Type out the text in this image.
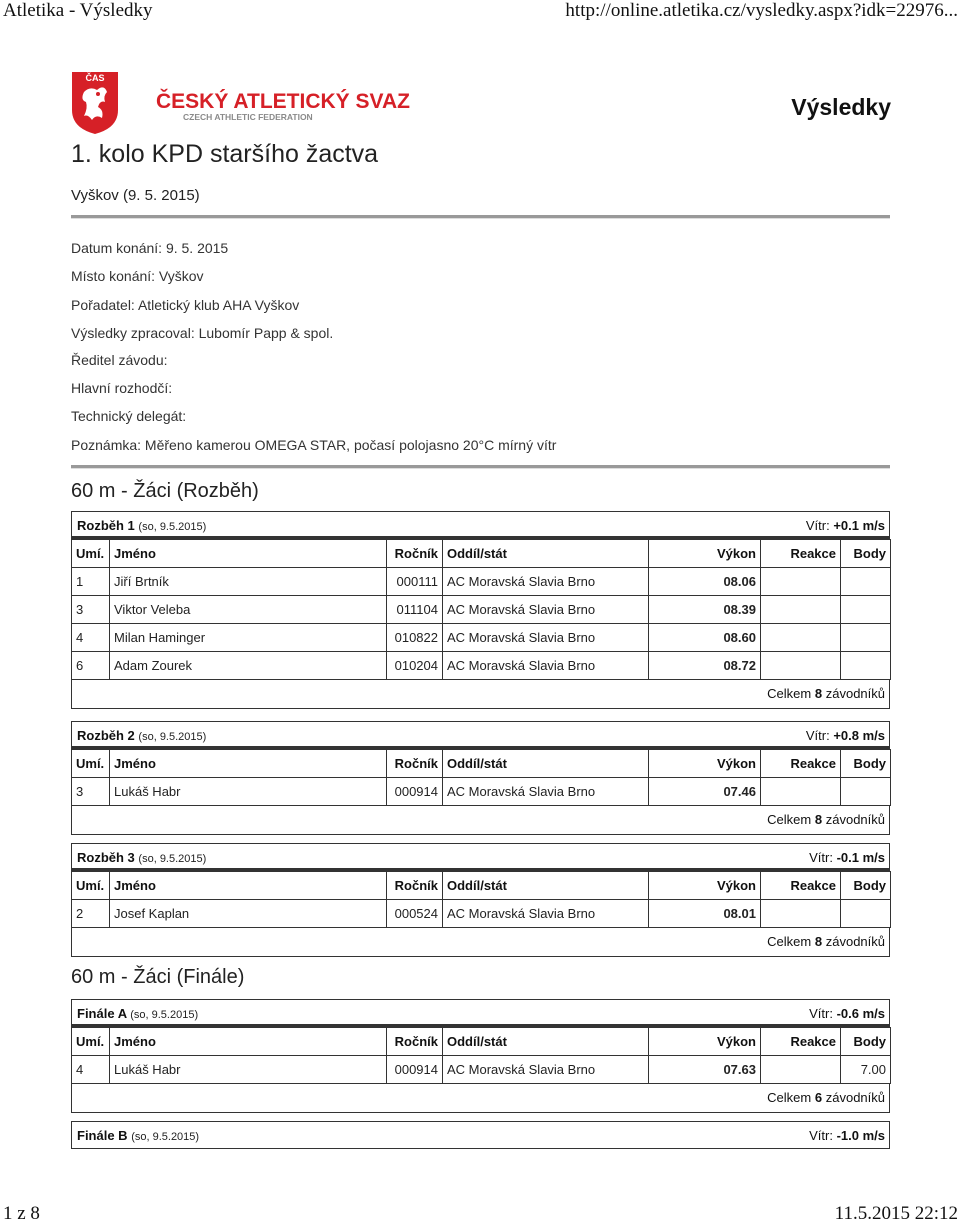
Atletika - Výsledky	http://online.atletika.cz/vysledky.aspx?idk=22976...
ČAS
ČESKÝ ATLETICKÝ SVAZ
CZECH ATHLETIC FEDERATION	Výsledky
1. kolo KPD staršího žactva
Vyškov (9. 5. 2015)
Datum konání: 9. 5. 2015
Místo konání: Vyškov
Pořadatel: Atletický klub AHA Vyškov
Výsledky zpracoval: Lubomír Papp & spol.
Ředitel závodu:
Hlavní rozhodčí:
Technický delegát:
Poznámka: Měřeno kamerou OMEGA STAR, počasí polojasno 20°C mírný vítr
60 m - Žáci (Rozběh)
Rozběh 1 (so, 9.5.2015)	Vítr: +0.1 m/s
Umí.	Jméno	Ročník	Oddíl/stát	Výkon	Reakce	Body
1	Jiří Brtník	000111	AC Moravská Slavia Brno	08.06		
3	Viktor Veleba	011104	AC Moravská Slavia Brno	08.39		
4	Milan Haminger	010822	AC Moravská Slavia Brno	08.60		
6	Adam Zourek	010204	AC Moravská Slavia Brno	08.72		
Celkem 8 závodníků
Rozběh 2 (so, 9.5.2015)	Vítr: +0.8 m/s
Umí.	Jméno	Ročník	Oddíl/stát	Výkon	Reakce	Body
3	Lukáš Habr	000914	AC Moravská Slavia Brno	07.46		
Celkem 8 závodníků
Rozběh 3 (so, 9.5.2015)	Vítr: -0.1 m/s
Umí.	Jméno	Ročník	Oddíl/stát	Výkon	Reakce	Body
2	Josef Kaplan	000524	AC Moravská Slavia Brno	08.01		
Celkem 8 závodníků
60 m - Žáci (Finále)
Finále A (so, 9.5.2015)	Vítr: -0.6 m/s
Umí.	Jméno	Ročník	Oddíl/stát	Výkon	Reakce	Body
4	Lukáš Habr	000914	AC Moravská Slavia Brno	07.63		7.00
Celkem 6 závodníků
Finále B (so, 9.5.2015)	Vítr: -1.0 m/s
1 z 8	11.5.2015 22:12
